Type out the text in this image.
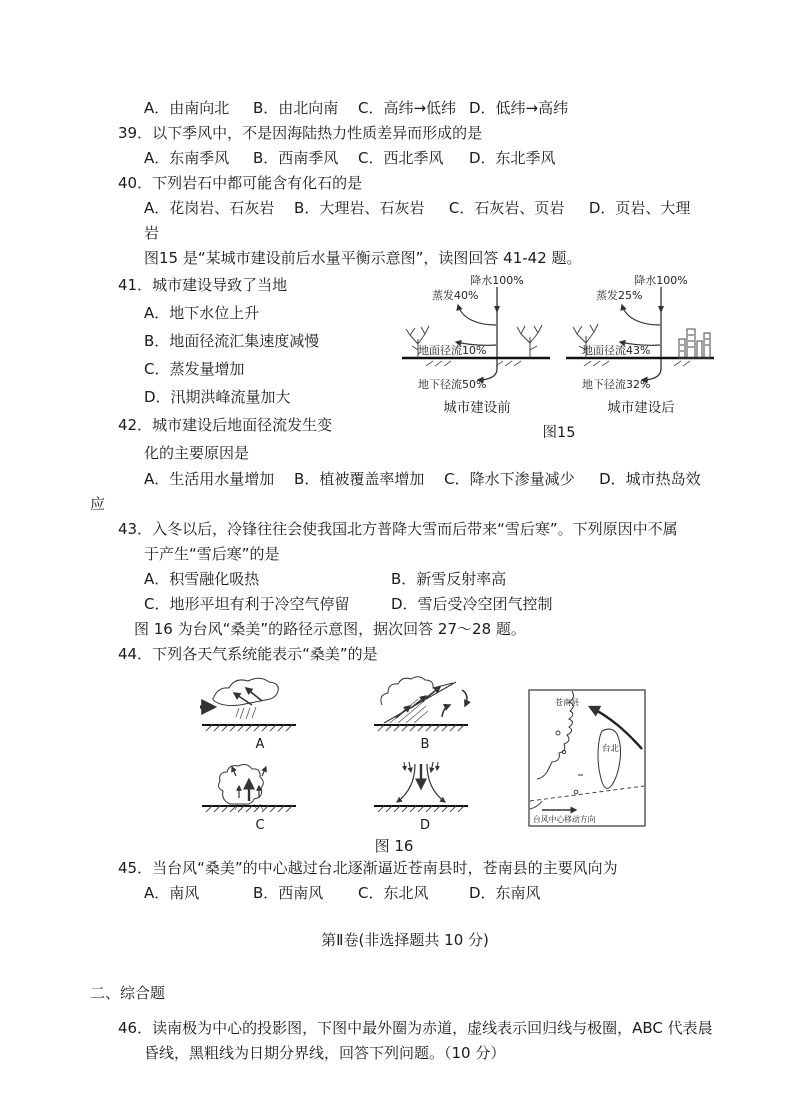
A．由南向北	B．由北向南	C．高纬→低纬 D．低纬→高纬
39．以下季风中，不是因海陆热力性质差异而形成的是
A．东南季风	B．西南季风	C．西北季风	D．东北季风
40．下列岩石中都可能含有化石的是
A．花岗岩、石灰岩　 B．大理岩、石灰岩 　 C．石灰岩、页岩 　 D．页岩、大理
岩
图15 是“某城市建设前后水量平衡示意图”，读图回答 41-42 题。
41．城市建设导致了当地
A．地下水位上升
B．地面径流汇集速度减慢
C．蒸发量增加
D．汛期洪峰流量加大
42．城市建设后地面径流发生变
化的主要原因是
降水100%
蒸发40%
地面径流10%
地下径流50%
城市建设前
降水100%
蒸发25%
地面径流43%
地下径流32%
城市建设后
图15
A．生活用水量增加　 B．植被覆盖率增加 　C．降水下渗量减少 　 D．城市热岛效
应
43．入冬以后，冷锋往往会使我国北方普降大雪而后带来“雪后寒”。下列原因中不属
于产生“雪后寒”的是
A．积雪融化吸热	B．新雪反射率高
C．地形平坦有利于冷空气停留	D．雪后受冷空团气控制
图 16 为台风“桑美”的路径示意图，据次回答 27～28 题。
44．下列各天气系统能表示“桑美”的是
A	B
C	D
台北
苍南县
台风中心移动方向
图 16
45．当台风“桑美”的中心越过台北逐渐逼近苍南县时，苍南县的主要风向为
A．南风	B．西南风	C．东北风	D．东南风
第Ⅱ卷(非选择题共 10 分)
二、综合题
46．读南极为中心的投影图，下图中最外圈为赤道，虚线表示回归线与极圈，ABC 代表晨
昏线，黑粗线为日期分界线，回答下列问题。（10 分）
